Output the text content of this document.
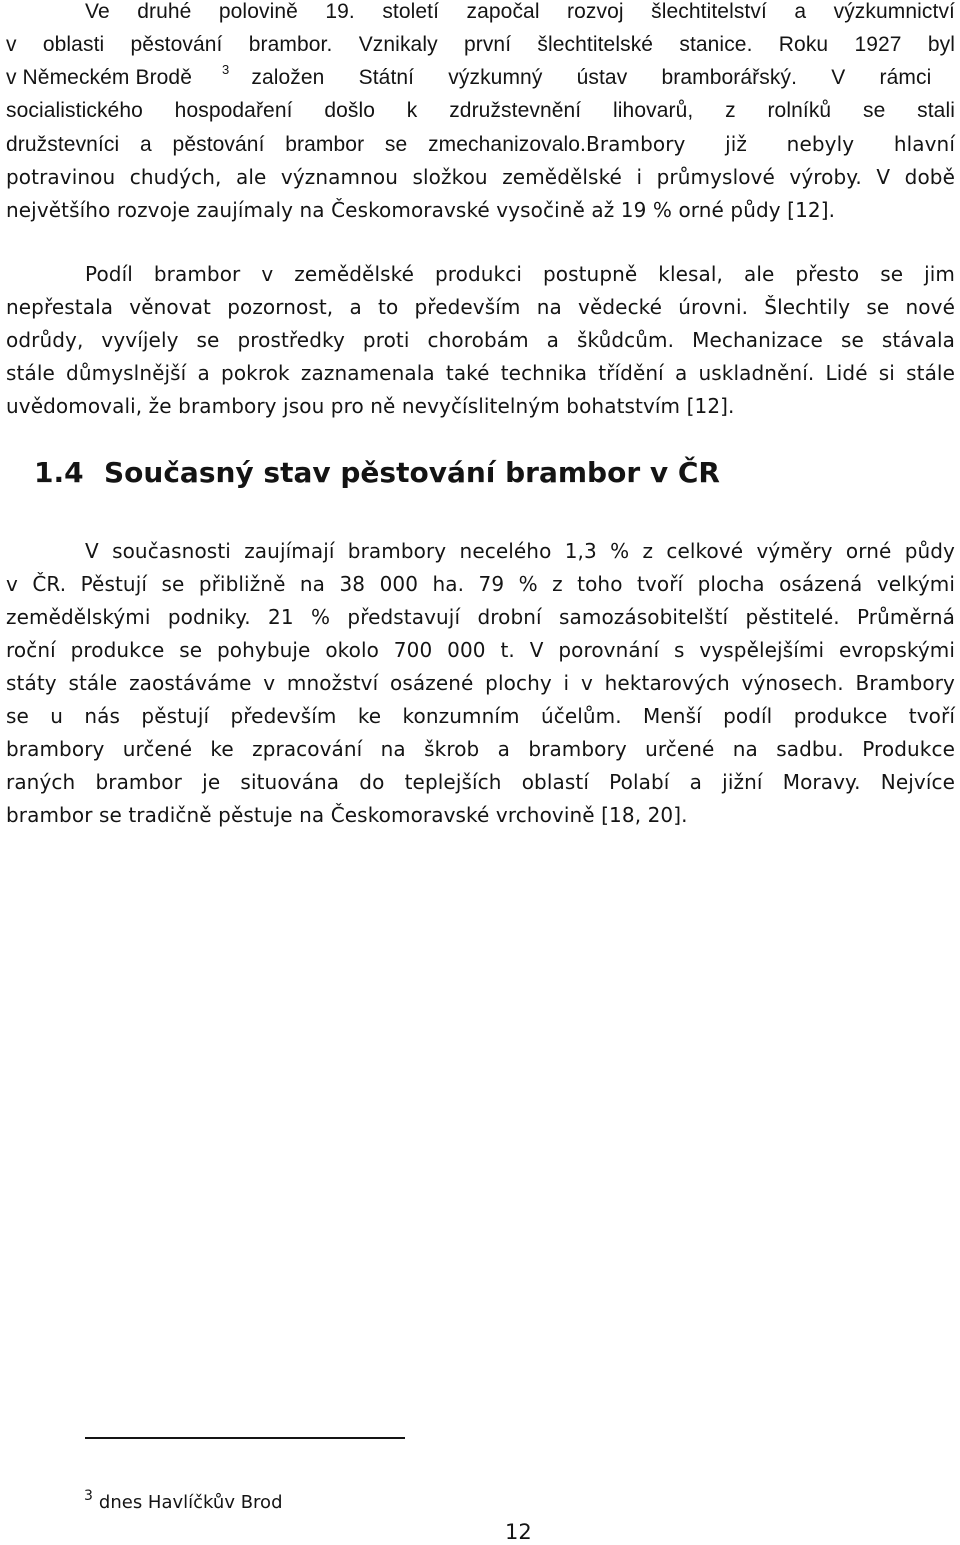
Ve druhé polovině 19. století započal rozvoj šlechtitelství a výzkumnictví
v oblasti pěstování brambor. Vznikaly první šlechtitelské stanice. Roku 1927 byl
v Německém Brodě $^3$ založen Státní výzkumný ústav bramborářský. V rámci
socialistického hospodaření došlo k združstevnění lihovarů, z rolníků se stali
družstevníci a pěstování brambor se zmechanizovalo.Brambory již nebyly hlavní
potravinou chudých, ale významnou složkou zemědělské i průmyslové výroby. V době
největšího rozvoje zaujímaly na Českomoravské vysočině až 19 % orné půdy [12].
Podíl brambor v zemědělské produkci postupně klesal, ale přesto se jim
nepřestala věnovat pozornost, a to především na vědecké úrovni. Šlechtily se nové
odrůdy, vyvíjely se prostředky proti chorobám a škůdcům. Mechanizace se stávala
stále důmyslnější a pokrok zaznamenala také technika třídění a uskladnění. Lidé si stále
uvědomovali, že brambory jsou pro ně nevyčíslitelným bohatstvím [12].
1.4 Současný stav pěstování brambor v ČR
V současnosti zaujímají brambory necelého 1,3 % z celkové výměry orné půdy
v ČR. Pěstují se přibližně na 38 000 ha. 79 % z toho tvoří plocha osázená velkými
zemědělskými podniky. 21 % představují drobní samozásobitelští pěstitelé. Průměrná
roční produkce se pohybuje okolo 700 000 t. V porovnání s vyspělejšími evropskými
státy stále zaostáváme v množství osázené plochy i v hektarových výnosech. Brambory
se u nás pěstují především ke konzumním účelům. Menší podíl produkce tvoří
brambory určené ke zpracování na škrob a brambory určené na sadbu. Produkce
raných brambor je situována do teplejších oblastí Polabí a jižní Moravy. Nejvíce
brambor se tradičně pěstuje na Českomoravské vrchovině [18, 20].
$^3$ dnes Havlíčkův Brod
12
